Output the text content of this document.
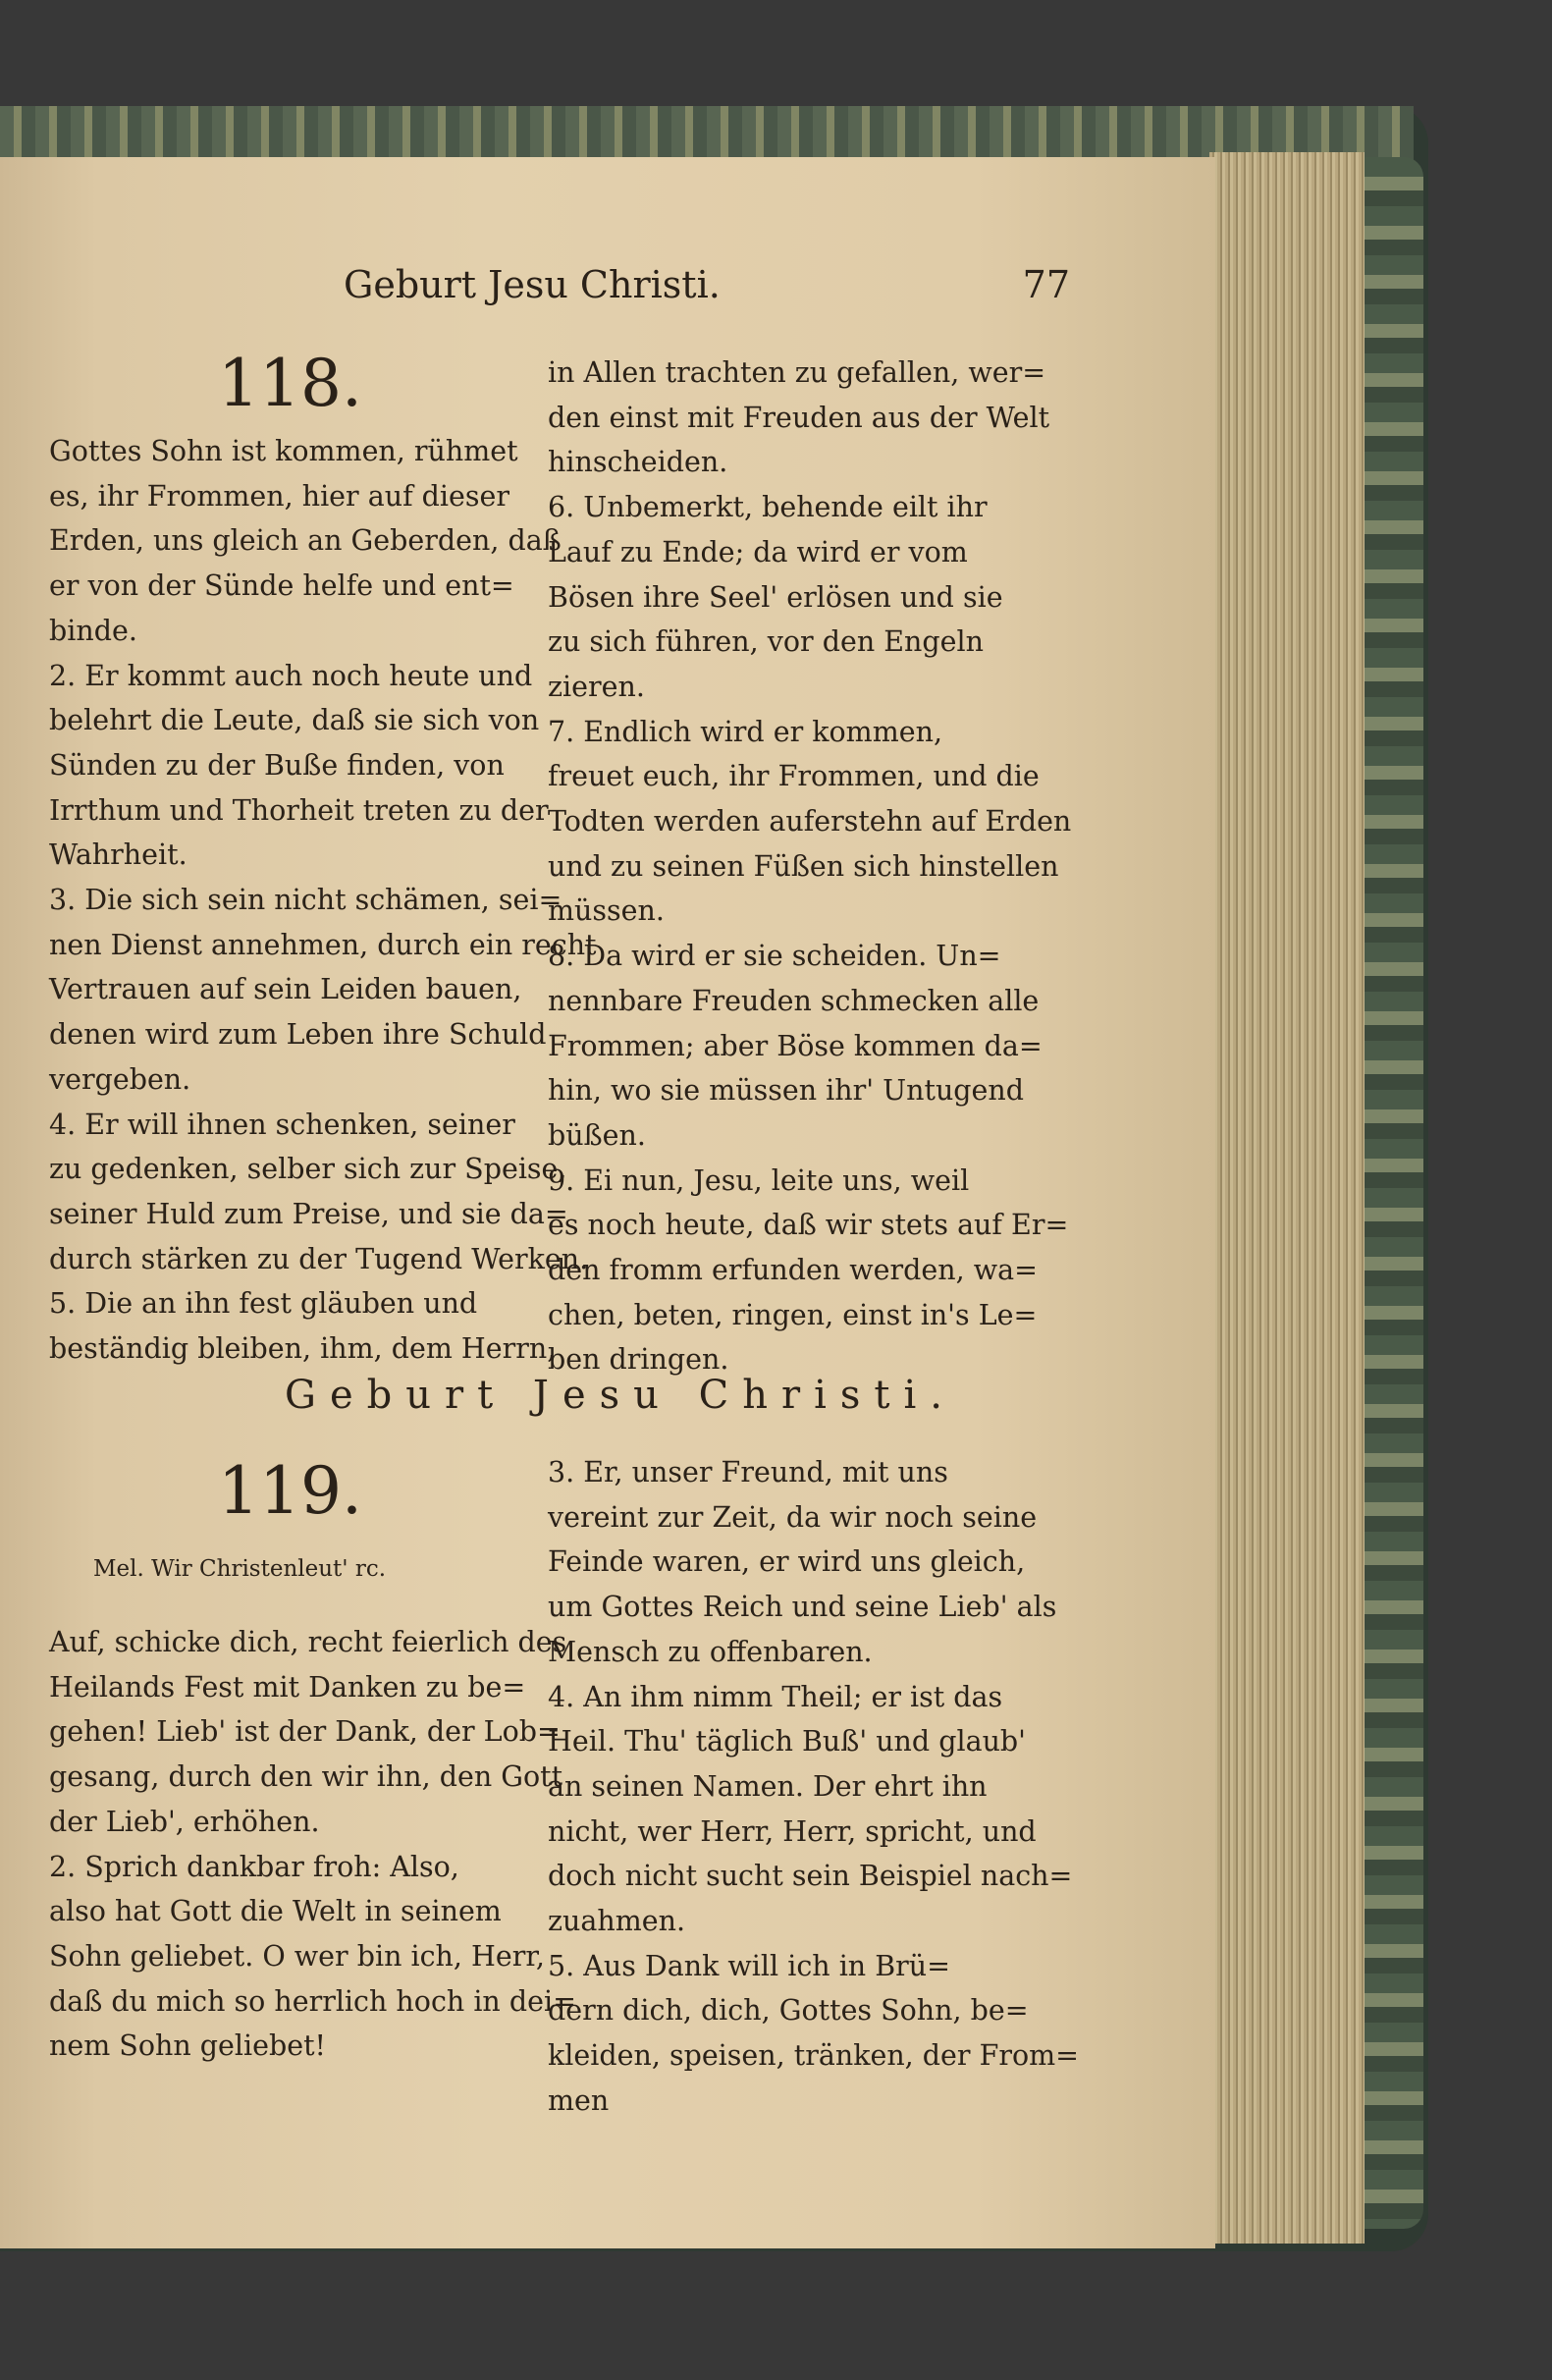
Geburt Jesu Christi.	77
118.

Gottes Sohn ist kommen, rühmet

es, ihr Frommen, hier auf dieser

Erden, uns gleich an Geberden, daß

er von der Sünde helfe und ent=

binde.

2. Er kommt auch noch heute und

belehrt die Leute, daß sie sich von

Sünden zu der Buße finden, von

Irrthum und Thorheit treten zu der

Wahrheit.

3. Die sich sein nicht schämen, sei=

nen Dienst annehmen, durch ein recht

Vertrauen auf sein Leiden bauen,

denen wird zum Leben ihre Schuld

vergeben.

4. Er will ihnen schenken, seiner

zu gedenken, selber sich zur Speise,

seiner Huld zum Preise, und sie da=

durch stärken zu der Tugend Werken.

5. Die an ihn fest gläuben und

beständig bleiben, ihm, dem Herrn,

in Allen trachten zu gefallen, wer=

den einst mit Freuden aus der Welt

hinscheiden.

6. Unbemerkt, behende eilt ihr

Lauf zu Ende; da wird er vom

Bösen ihre Seel' erlösen und sie

zu sich führen, vor den Engeln

zieren.

7. Endlich wird er kommen,

freuet euch, ihr Frommen, und die

Todten werden auferstehn auf Erden

und zu seinen Füßen sich hinstellen

müssen.

8. Da wird er sie scheiden. Un=

nennbare Freuden schmecken alle

Frommen; aber Böse kommen da=

hin, wo sie müssen ihr' Untugend

büßen.

9. Ei nun, Jesu, leite uns, weil

es noch heute, daß wir stets auf Er=

den fromm erfunden werden, wa=

chen, beten, ringen, einst in's Le=

ben dringen.

Geburt Jesu Christi.
119.
Mel. Wir Christenleut' rc.

Auf, schicke dich, recht feierlich des

Heilands Fest mit Danken zu be=

gehen! Lieb' ist der Dank, der Lob=

gesang, durch den wir ihn, den Gott

der Lieb', erhöhen.

2. Sprich dankbar froh: Also,

also hat Gott die Welt in seinem

Sohn geliebet. O wer bin ich, Herr,

daß du mich so herrlich hoch in dei=

nem Sohn geliebet!

3. Er, unser Freund, mit uns

vereint zur Zeit, da wir noch seine

Feinde waren, er wird uns gleich,

um Gottes Reich und seine Lieb' als

Mensch zu offenbaren.

4. An ihm nimm Theil; er ist das

Heil. Thu' täglich Buß' und glaub'

an seinen Namen. Der ehrt ihn

nicht, wer Herr, Herr, spricht, und

doch nicht sucht sein Beispiel nach=

zuahmen.

5. Aus Dank will ich in Brü=

dern dich, dich, Gottes Sohn, be=

kleiden, speisen, tränken, der From=

men
